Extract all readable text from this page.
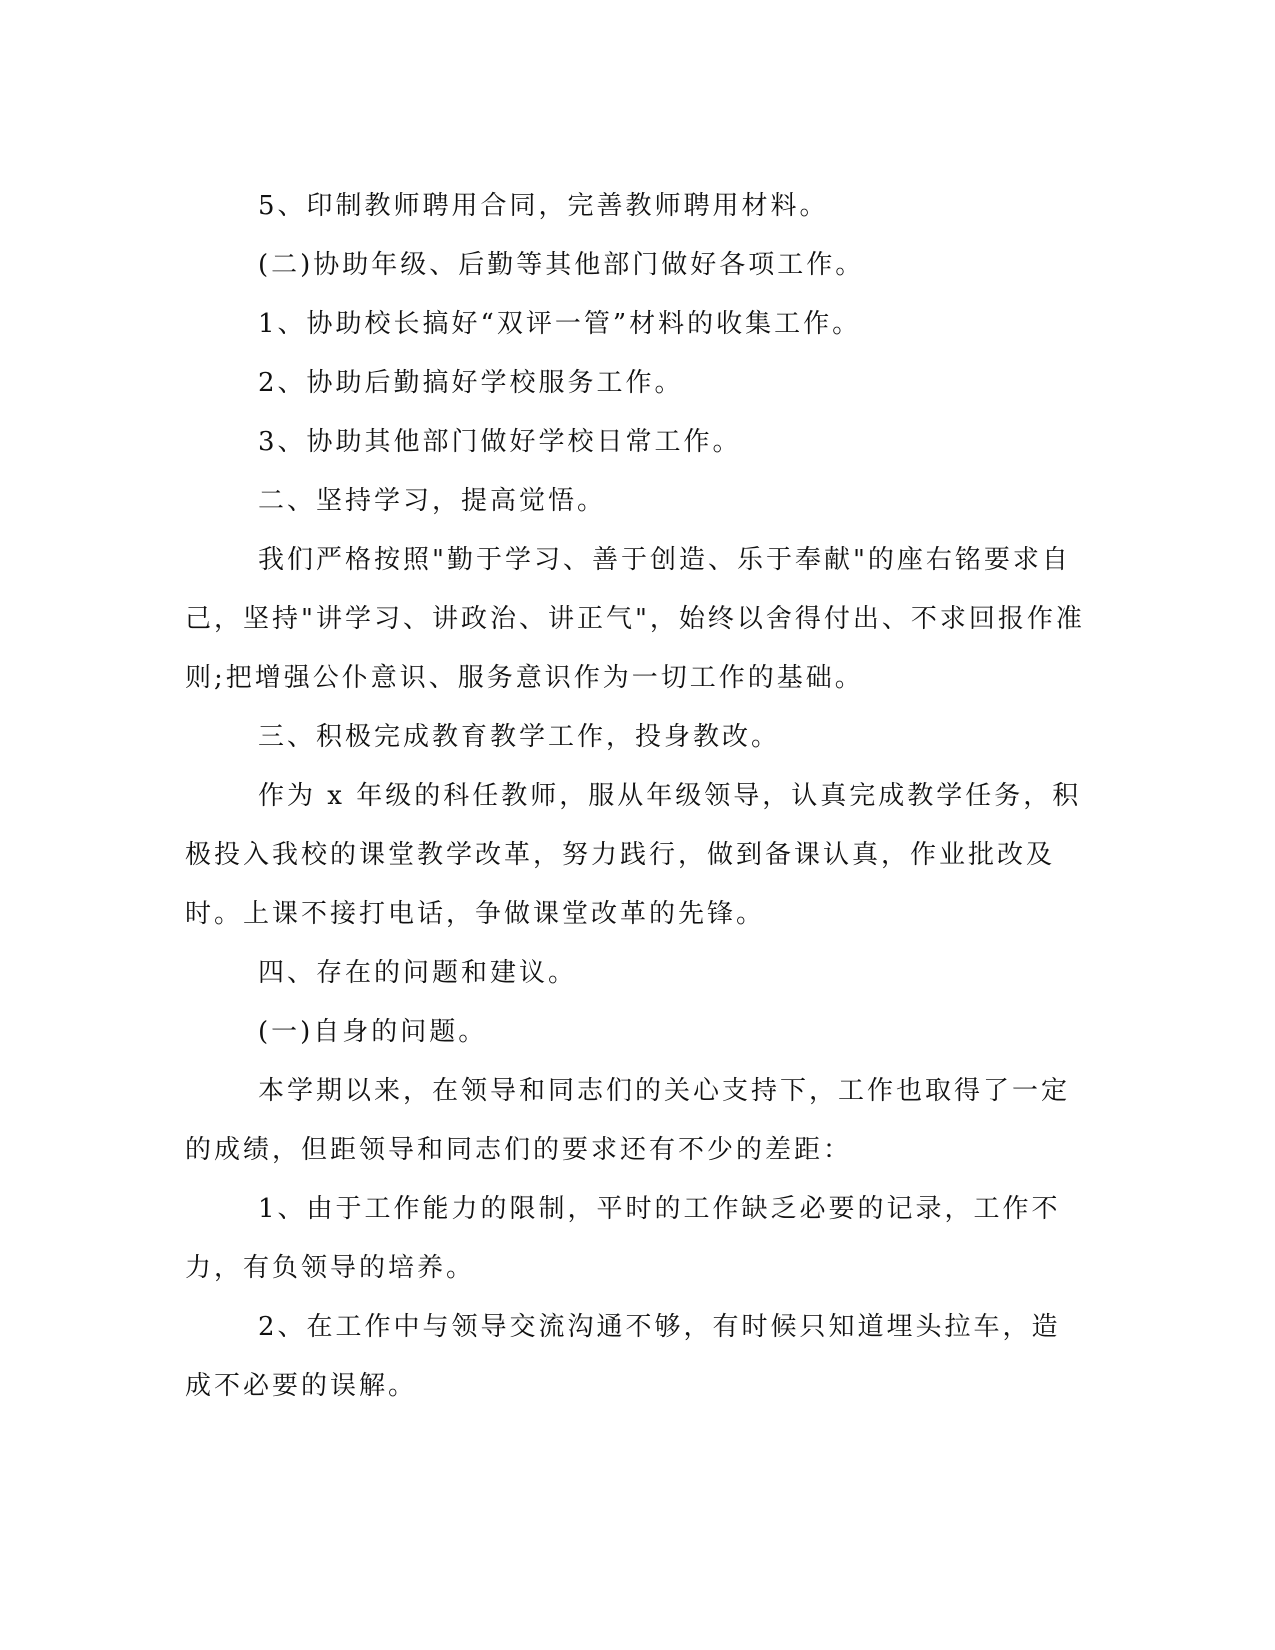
5、印制教师聘用合同，完善教师聘用材料。

(二)协助年级、后勤等其他部门做好各项工作。

1、协助校长搞好“双评一管”材料的收集工作。

2、协助后勤搞好学校服务工作。

3、协助其他部门做好学校日常工作。

二、坚持学习，提高觉悟。

我们严格按照"勤于学习、善于创造、乐于奉献"的座右铭要求自

己，坚持"讲学习、讲政治、讲正气"，始终以舍得付出、不求回报作准

则;把增强公仆意识、服务意识作为一切工作的基础。

三、积极完成教育教学工作，投身教改。

作为 x 年级的科任教师，服从年级领导，认真完成教学任务，积

极投入我校的课堂教学改革，努力践行，做到备课认真，作业批改及

时。上课不接打电话，争做课堂改革的先锋。

四、存在的问题和建议。

(一)自身的问题。

本学期以来，在领导和同志们的关心支持下，工作也取得了一定

的成绩，但距领导和同志们的要求还有不少的差距：

1、由于工作能力的限制，平时的工作缺乏必要的记录，工作不

力，有负领导的培养。

2、在工作中与领导交流沟通不够，有时候只知道埋头拉车，造

成不必要的误解。
